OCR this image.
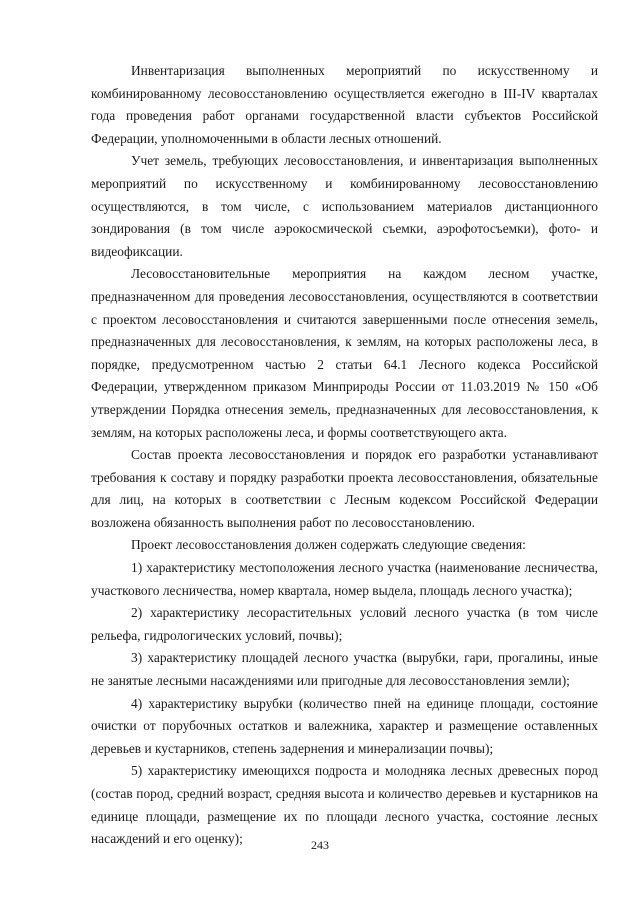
Инвентаризация выполненных мероприятий по искусственному и комбинированному лесовосстановлению осуществляется ежегодно в III-IV кварталах года проведения работ органами государственной власти субъектов Российской Федерации, уполномоченными в области лесных отношений.

Учет земель, требующих лесовосстановления, и инвентаризация выполненных мероприятий по искусственному и комбинированному лесовосстановлению осуществляются, в том числе, с использованием материалов дистанционного зондирования (в том числе аэрокосмической съемки, аэрофотосъемки), фото- и видеофиксации.

Лесовосстановительные мероприятия на каждом лесном участке, предназначенном для проведения лесовосстановления, осуществляются в соответствии с проектом лесовосстановления и считаются завершенными после отнесения земель, предназначенных для лесовосстановления, к землям, на которых расположены леса, в порядке, предусмотренном частью 2 статьи 64.1 Лесного кодекса Российской Федерации, утвержденном приказом Минприроды России от 11.03.2019 № 150 «Об утверждении Порядка отнесения земель, предназначенных для лесовосстановления, к землям, на которых расположены леса, и формы соответствующего акта.

Состав проекта лесовосстановления и порядок его разработки устанавливают требования к составу и порядку разработки проекта лесовосстановления, обязательные для лиц, на которых в соответствии с Лесным кодексом Российской Федерации возложена обязанность выполнения работ по лесовосстановлению.

Проект лесовосстановления должен содержать следующие сведения:

1) характеристику местоположения лесного участка (наименование лесничества, участкового лесничества, номер квартала, номер выдела, площадь лесного участка);

2) характеристику лесорастительных условий лесного участка (в том числе рельефа, гидрологических условий, почвы);

3) характеристику площадей лесного участка (вырубки, гари, прогалины, иные не занятые лесными насаждениями или пригодные для лесовосстановления земли);

4) характеристику вырубки (количество пней на единице площади, состояние очистки от порубочных остатков и валежника, характер и размещение оставленных деревьев и кустарников, степень задернения и минерализации почвы);

5) характеристику имеющихся подроста и молодняка лесных древесных пород (состав пород, средний возраст, средняя высота и количество деревьев и кустарников на единице площади, размещение их по площади лесного участка, состояние лесных насаждений и его оценку);	243
